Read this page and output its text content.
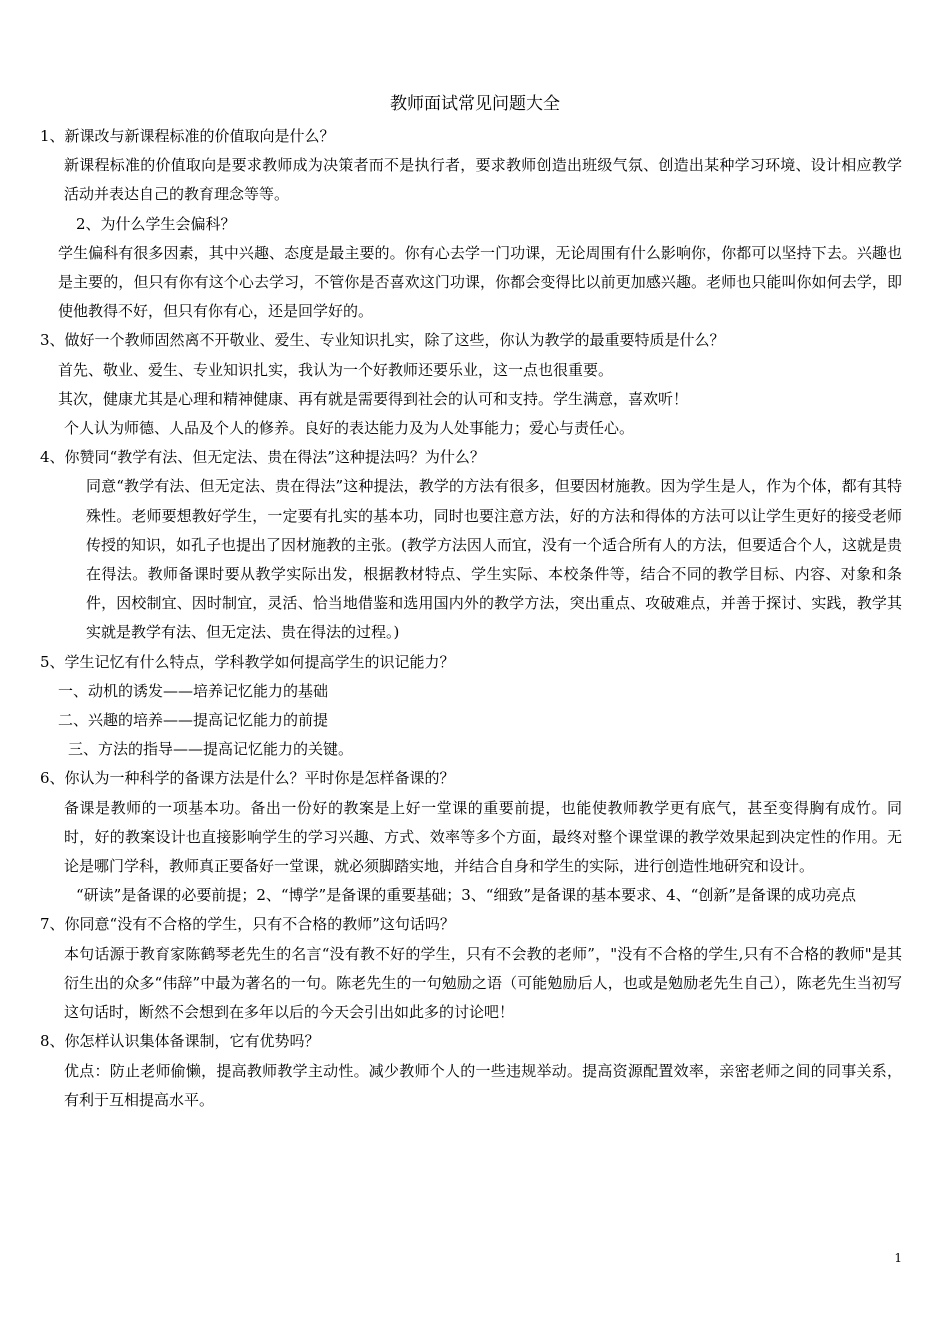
教师面试常见问题大全
1、新课改与新课程标准的价值取向是什么？
新课程标准的价值取向是要求教师成为决策者而不是执行者，要求教师创造出班级气氛、创造出某种学习环境、设计相应教学活动并表达自己的教育理念等等。
2、为什么学生会偏科？
学生偏科有很多因素，其中兴趣、态度是最主要的。你有心去学一门功课，无论周围有什么影响你，你都可以坚持下去。兴趣也是主要的，但只有你有这个心去学习，不管你是否喜欢这门功课，你都会变得比以前更加感兴趣。老师也只能叫你如何去学，即使他教得不好，但只有你有心，还是回学好的。
3、做好一个教师固然离不开敬业、爱生、专业知识扎实，除了这些，你认为教学的最重要特质是什么？
首先、敬业、爱生、专业知识扎实，我认为一个好教师还要乐业，这一点也很重要。
其次，健康尤其是心理和精神健康、再有就是需要得到社会的认可和支持。学生满意，喜欢听！
个人认为师德、人品及个人的修养。良好的表达能力及为人处事能力；爱心与责任心。
4、你赞同“教学有法、但无定法、贵在得法”这种提法吗？为什么？
同意“教学有法、但无定法、贵在得法”这种提法，教学的方法有很多，但要因材施教。因为学生是人，作为个体，都有其特殊性。老师要想教好学生，一定要有扎实的基本功，同时也要注意方法，好的方法和得体的方法可以让学生更好的接受老师传授的知识，如孔子也提出了因材施教的主张。(教学方法因人而宜，没有一个适合所有人的方法，但要适合个人，这就是贵在得法。教师备课时要从教学实际出发，根据教材特点、学生实际、本校条件等，结合不同的教学目标、内容、对象和条件，因校制宜、因时制宜，灵活、恰当地借鉴和选用国内外的教学方法，突出重点、攻破难点，并善于探讨、实践，教学其实就是教学有法、但无定法、贵在得法的过程。)
5、学生记忆有什么特点，学科教学如何提高学生的识记能力？
一、动机的诱发——培养记忆能力的基础
二、兴趣的培养——提高记忆能力的前提
三、方法的指导——提高记忆能力的关键。
6、你认为一种科学的备课方法是什么？平时你是怎样备课的？
备课是教师的一项基本功。备出一份好的教案是上好一堂课的重要前提，也能使教师教学更有底气，甚至变得胸有成竹。同时，好的教案设计也直接影响学生的学习兴趣、方式、效率等多个方面，最终对整个课堂课的教学效果起到决定性的作用。无论是哪门学科，教师真正要备好一堂课，就必须脚踏实地，并结合自身和学生的实际，进行创造性地研究和设计。
“研读”是备课的必要前提；2、“博学”是备课的重要基础；3、“细致”是备课的基本要求、4、“创新”是备课的成功亮点
7、你同意“没有不合格的学生，只有不合格的教师”这句话吗？
本句话源于教育家陈鹤琴老先生的名言“没有教不好的学生，只有不会教的老师”，"没有不合格的学生,只有不合格的教师"是其衍生出的众多“伟辞”中最为著名的一句。陈老先生的一句勉励之语（可能勉励后人，也或是勉励老先生自己），陈老先生当初写这句话时，断然不会想到在多年以后的今天会引出如此多的讨论吧！
8、你怎样认识集体备课制，它有优势吗？
优点：防止老师偷懒，提高教师教学主动性。减少教师个人的一些违规举动。提高资源配置效率，亲密老师之间的同事关系，有利于互相提高水平。
1
